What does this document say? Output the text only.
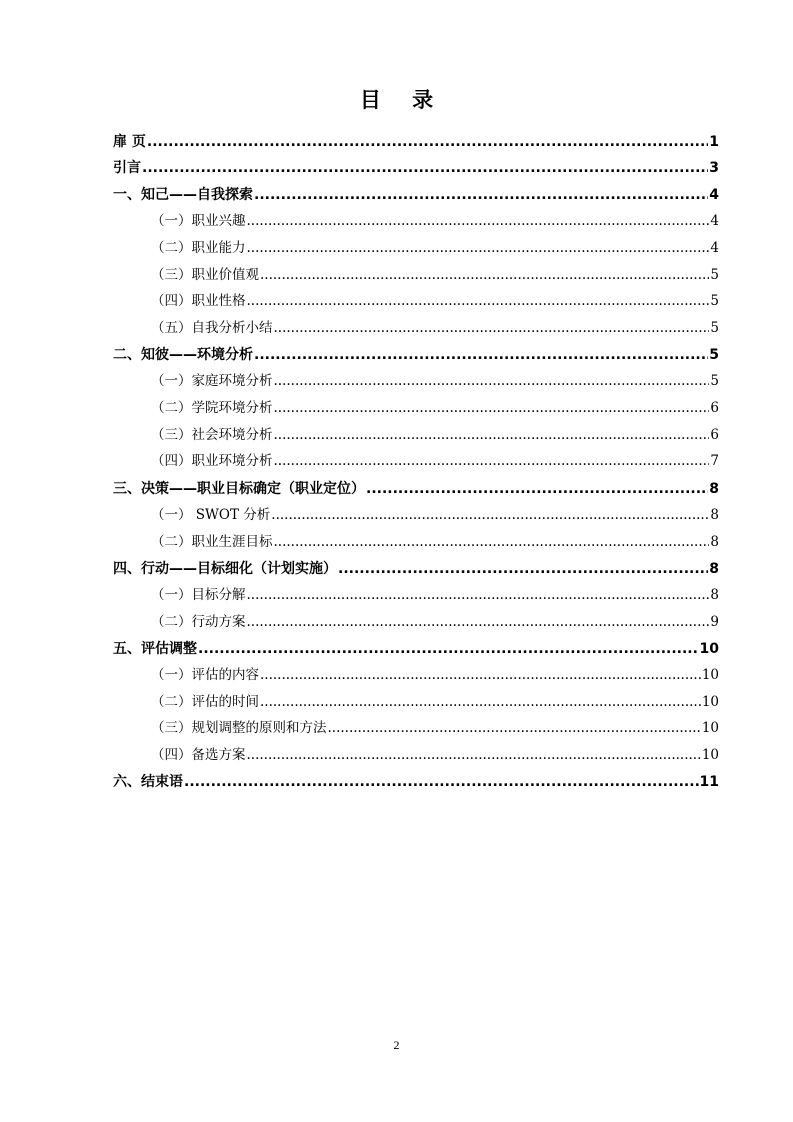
目 录
扉 页 .....	1
引言 .....	3
一、知己——自我探索 .....	4
（一）职业兴趣 .....	4
（二）职业能力 .....	4
（三）职业价值观 .....	5
（四）职业性格 .....	5
（五）自我分析小结 .....	5
二、知彼——环境分析 .....	5
（一）家庭环境分析 .....	5
（二）学院环境分析 .....	6
（三）社会环境分析 .....	6
（四）职业环境分析 .....	7
三、决策——职业目标确定（职业定位） .....	8
（一） SWOT 分析 .....	8
（二）职业生涯目标 .....	8
四、行动——目标细化（计划实施） .....	8
（一）目标分解 .....	8
（二）行动方案 .....	9
五、评估调整 .....	10
（一）评估的内容 .....	10
（二）评估的时间 .....	10
（三）规划调整的原则和方法 .....	10
（四）备选方案 .....	10
六、结束语 .....	11
2
